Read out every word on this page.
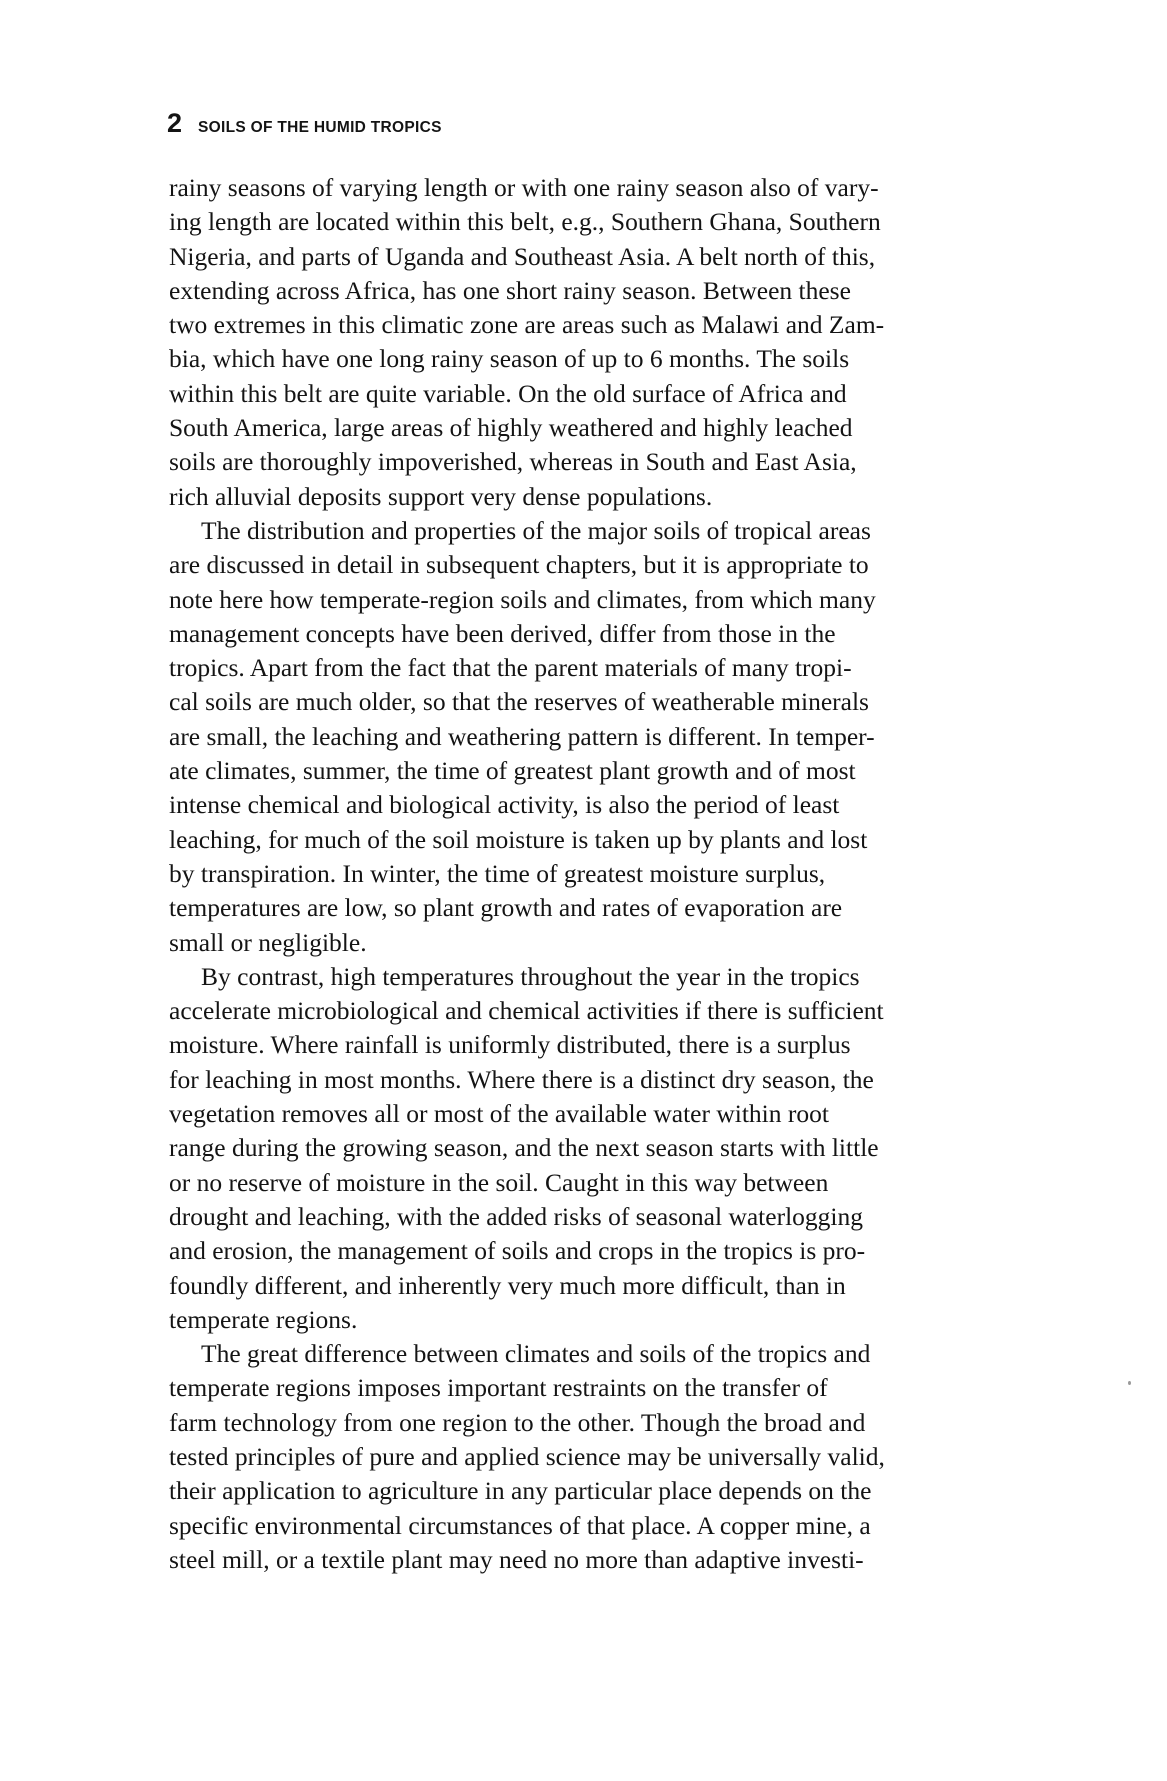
2 SOILS OF THE HUMID TROPICS
rainy seasons of varying length or with one rainy season also of vary-
ing length are located within this belt, e.g., Southern Ghana, Southern
Nigeria, and parts of Uganda and Southeast Asia. A belt north of this,
extending across Africa, has one short rainy season. Between these
two extremes in this climatic zone are areas such as Malawi and Zam-
bia, which have one long rainy season of up to 6 months. The soils
within this belt are quite variable. On the old surface of Africa and
South America, large areas of highly weathered and highly leached
soils are thoroughly impoverished, whereas in South and East Asia,
rich alluvial deposits support very dense populations.
The distribution and properties of the major soils of tropical areas
are discussed in detail in subsequent chapters, but it is appropriate to
note here how temperate-region soils and climates, from which many
management concepts have been derived, differ from those in the
tropics. Apart from the fact that the parent materials of many tropi-
cal soils are much older, so that the reserves of weatherable minerals
are small, the leaching and weathering pattern is different. In temper-
ate climates, summer, the time of greatest plant growth and of most
intense chemical and biological activity, is also the period of least
leaching, for much of the soil moisture is taken up by plants and lost
by transpiration. In winter, the time of greatest moisture surplus,
temperatures are low, so plant growth and rates of evaporation are
small or negligible.
By contrast, high temperatures throughout the year in the tropics
accelerate microbiological and chemical activities if there is sufficient
moisture. Where rainfall is uniformly distributed, there is a surplus
for leaching in most months. Where there is a distinct dry season, the
vegetation removes all or most of the available water within root
range during the growing season, and the next season starts with little
or no reserve of moisture in the soil. Caught in this way between
drought and leaching, with the added risks of seasonal waterlogging
and erosion, the management of soils and crops in the tropics is pro-
foundly different, and inherently very much more difficult, than in
temperate regions.
The great difference between climates and soils of the tropics and
temperate regions imposes important restraints on the transfer of
farm technology from one region to the other. Though the broad and
tested principles of pure and applied science may be universally valid,
their application to agriculture in any particular place depends on the
specific environmental circumstances of that place. A copper mine, a
steel mill, or a textile plant may need no more than adaptive investi-
